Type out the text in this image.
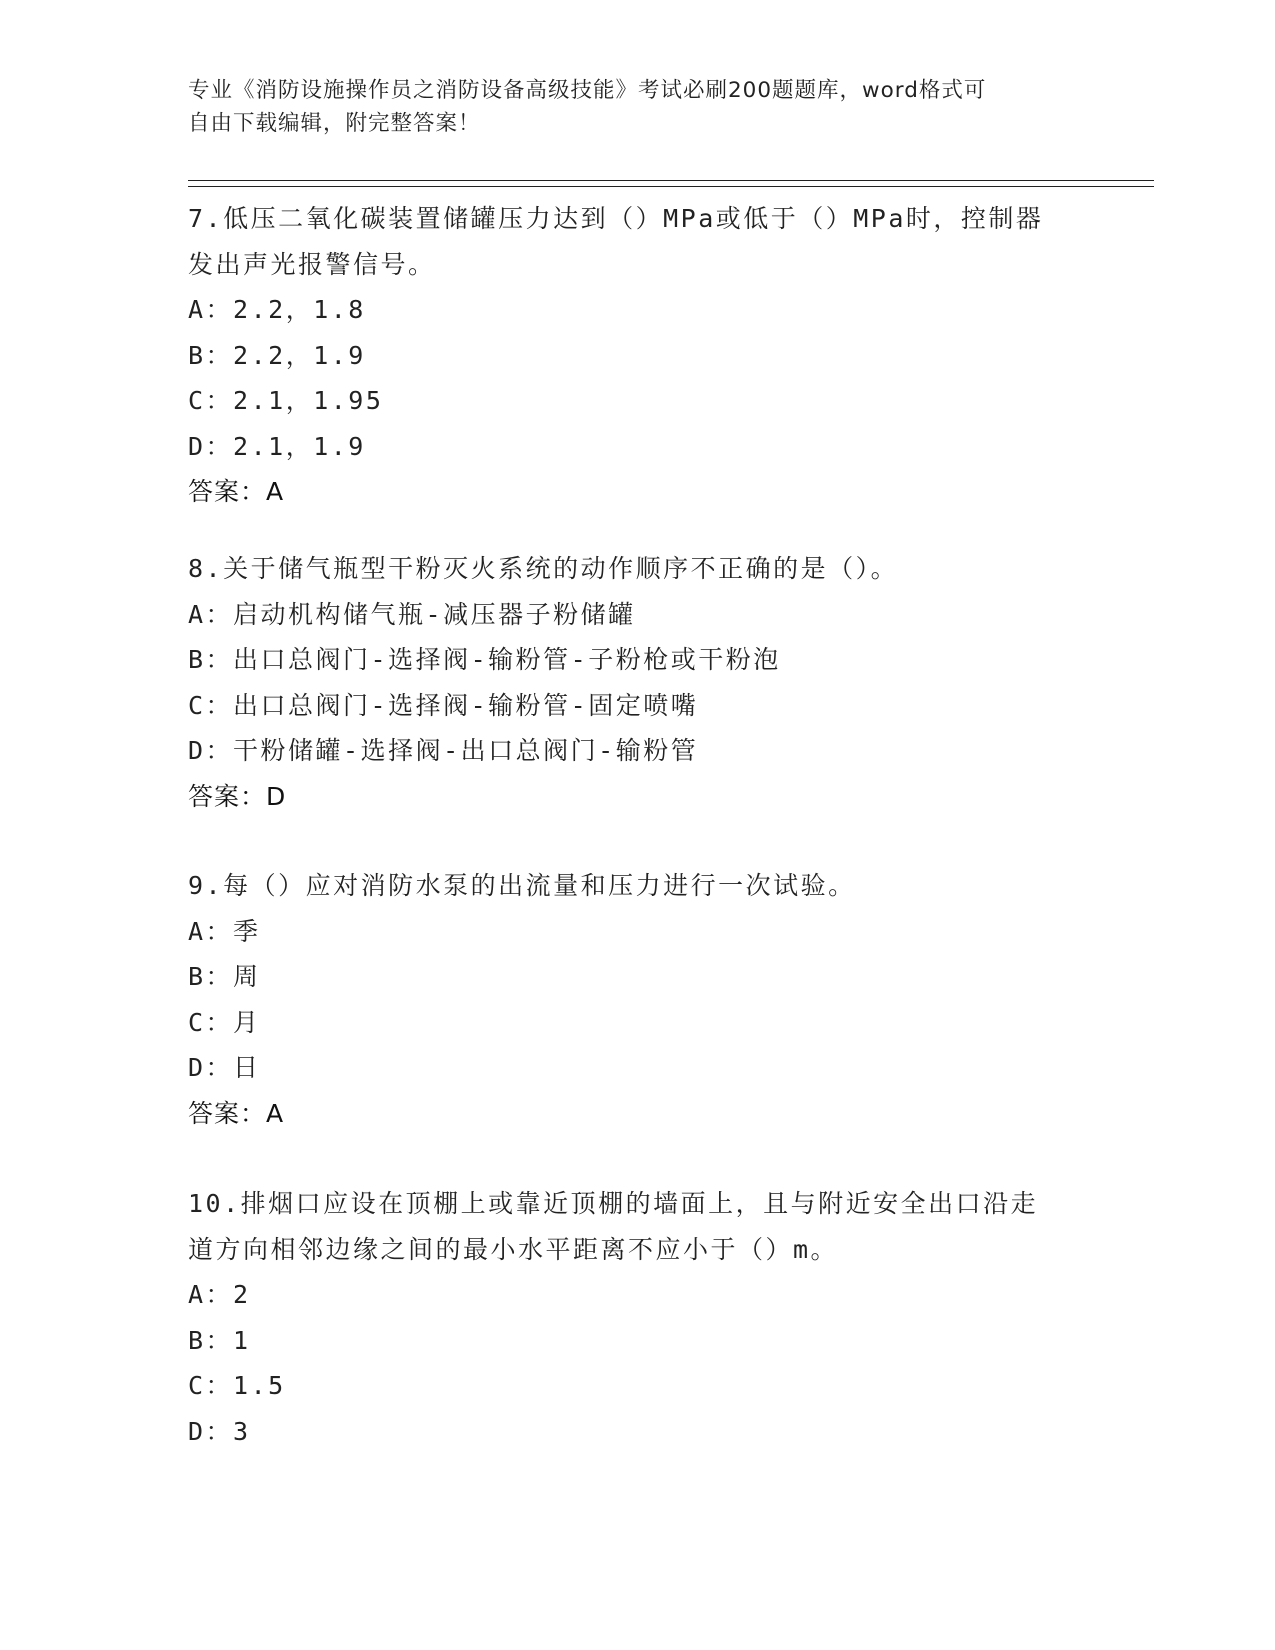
专业《消防设施操作员之消防设备高级技能》考试必刷200题题库，word格式可
自由下载编辑，附完整答案！
7.低压二氧化碳装置储罐压力达到（）MPa或低于（）MPa时，控制器
发出声光报警信号。
A：2.2，1.8
B：2.2，1.9
C：2.1，1.95
D：2.1，1.9
答案：A
8.关于储气瓶型干粉灭火系统的动作顺序不正确的是（）。
A：启动机构储气瓶-减压器子粉储罐
B：出口总阀门-选择阀-输粉管-子粉枪或干粉泡
C：出口总阀门-选择阀-输粉管-固定喷嘴
D：干粉储罐-选择阀-出口总阀门-输粉管
答案：D
9.每（）应对消防水泵的出流量和压力进行一次试验。
A：季
B：周
C：月
D：日
答案：A
10.排烟口应设在顶棚上或靠近顶棚的墙面上，且与附近安全出口沿走
道方向相邻边缘之间的最小水平距离不应小于（）m。
A：2
B：1
C：1.5
D：3
